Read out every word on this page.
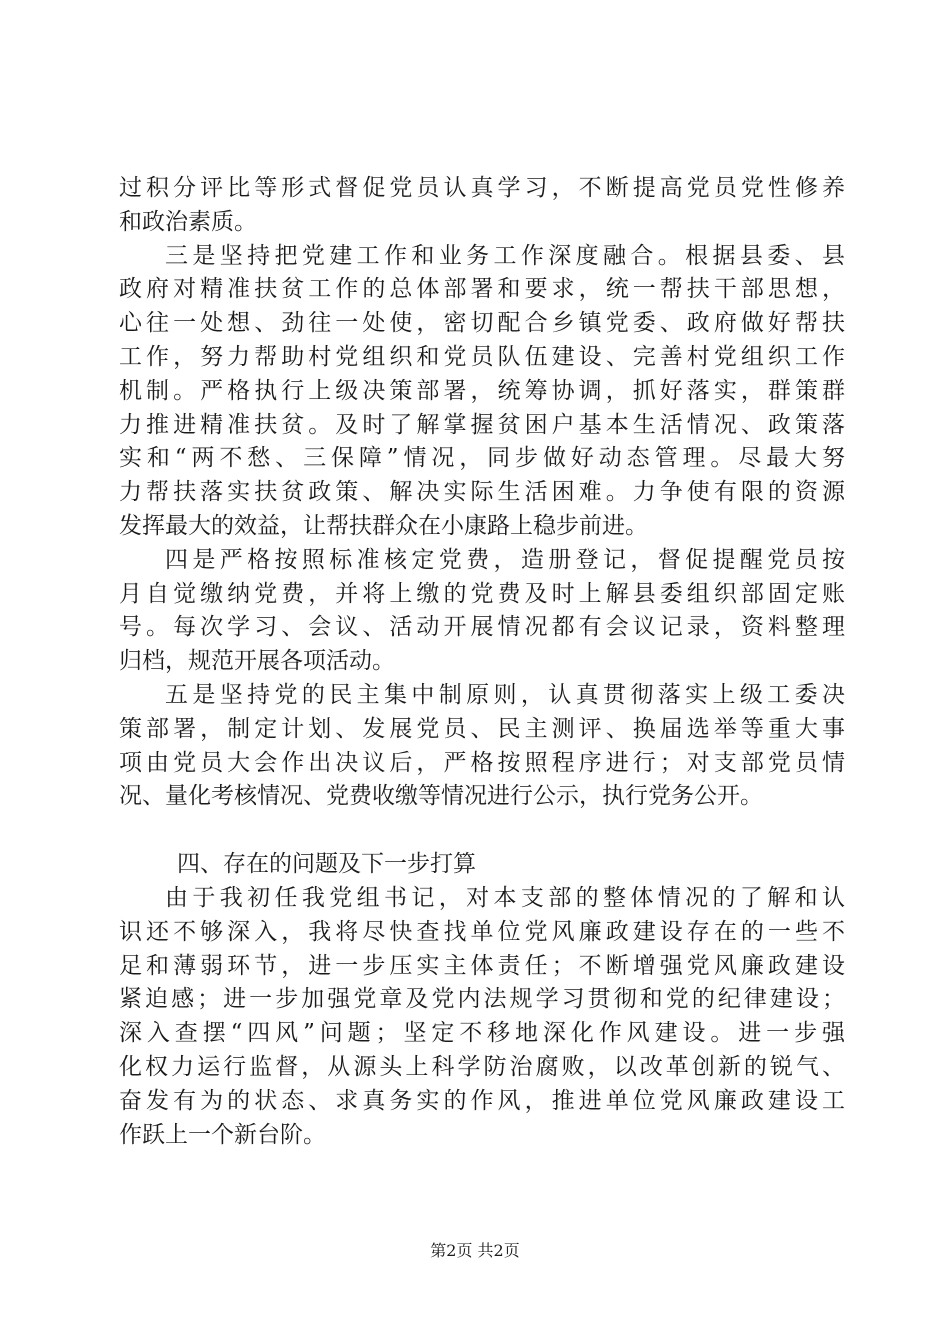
过积分评比等形式督促党员认真学习，不断提高党员党性修养
和政治素质。
三是坚持把党建工作和业务工作深度融合。根据县委、县
政府对精准扶贫工作的总体部署和要求，统一帮扶干部思想，
心往一处想、劲往一处使，密切配合乡镇党委、政府做好帮扶
工作，努力帮助村党组织和党员队伍建设、完善村党组织工作
机制。严格执行上级决策部署，统筹协调，抓好落实，群策群
力推进精准扶贫。及时了解掌握贫困户基本生活情况、政策落
实和“两不愁、三保障”情况，同步做好动态管理。尽最大努
力帮扶落实扶贫政策、解决实际生活困难。力争使有限的资源
发挥最大的效益，让帮扶群众在小康路上稳步前进。
四是严格按照标准核定党费，造册登记，督促提醒党员按
月自觉缴纳党费，并将上缴的党费及时上解县委组织部固定账
号。每次学习、会议、活动开展情况都有会议记录，资料整理
归档，规范开展各项活动。
五是坚持党的民主集中制原则，认真贯彻落实上级工委决
策部署，制定计划、发展党员、民主测评、换届选举等重大事
项由党员大会作出决议后，严格按照程序进行；对支部党员情
况、量化考核情况、党费收缴等情况进行公示，执行党务公开。
四、存在的问题及下一步打算
由于我初任我党组书记，对本支部的整体情况的了解和认
识还不够深入，我将尽快查找单位党风廉政建设存在的一些不
足和薄弱环节，进一步压实主体责任；不断增强党风廉政建设
紧迫感；进一步加强党章及党内法规学习贯彻和党的纪律建设；
深入查摆“四风”问题；坚定不移地深化作风建设。进一步强
化权力运行监督，从源头上科学防治腐败，以改革创新的锐气、
奋发有为的状态、求真务实的作风，推进单位党风廉政建设工
作跃上一个新台阶。
第2页 共2页
